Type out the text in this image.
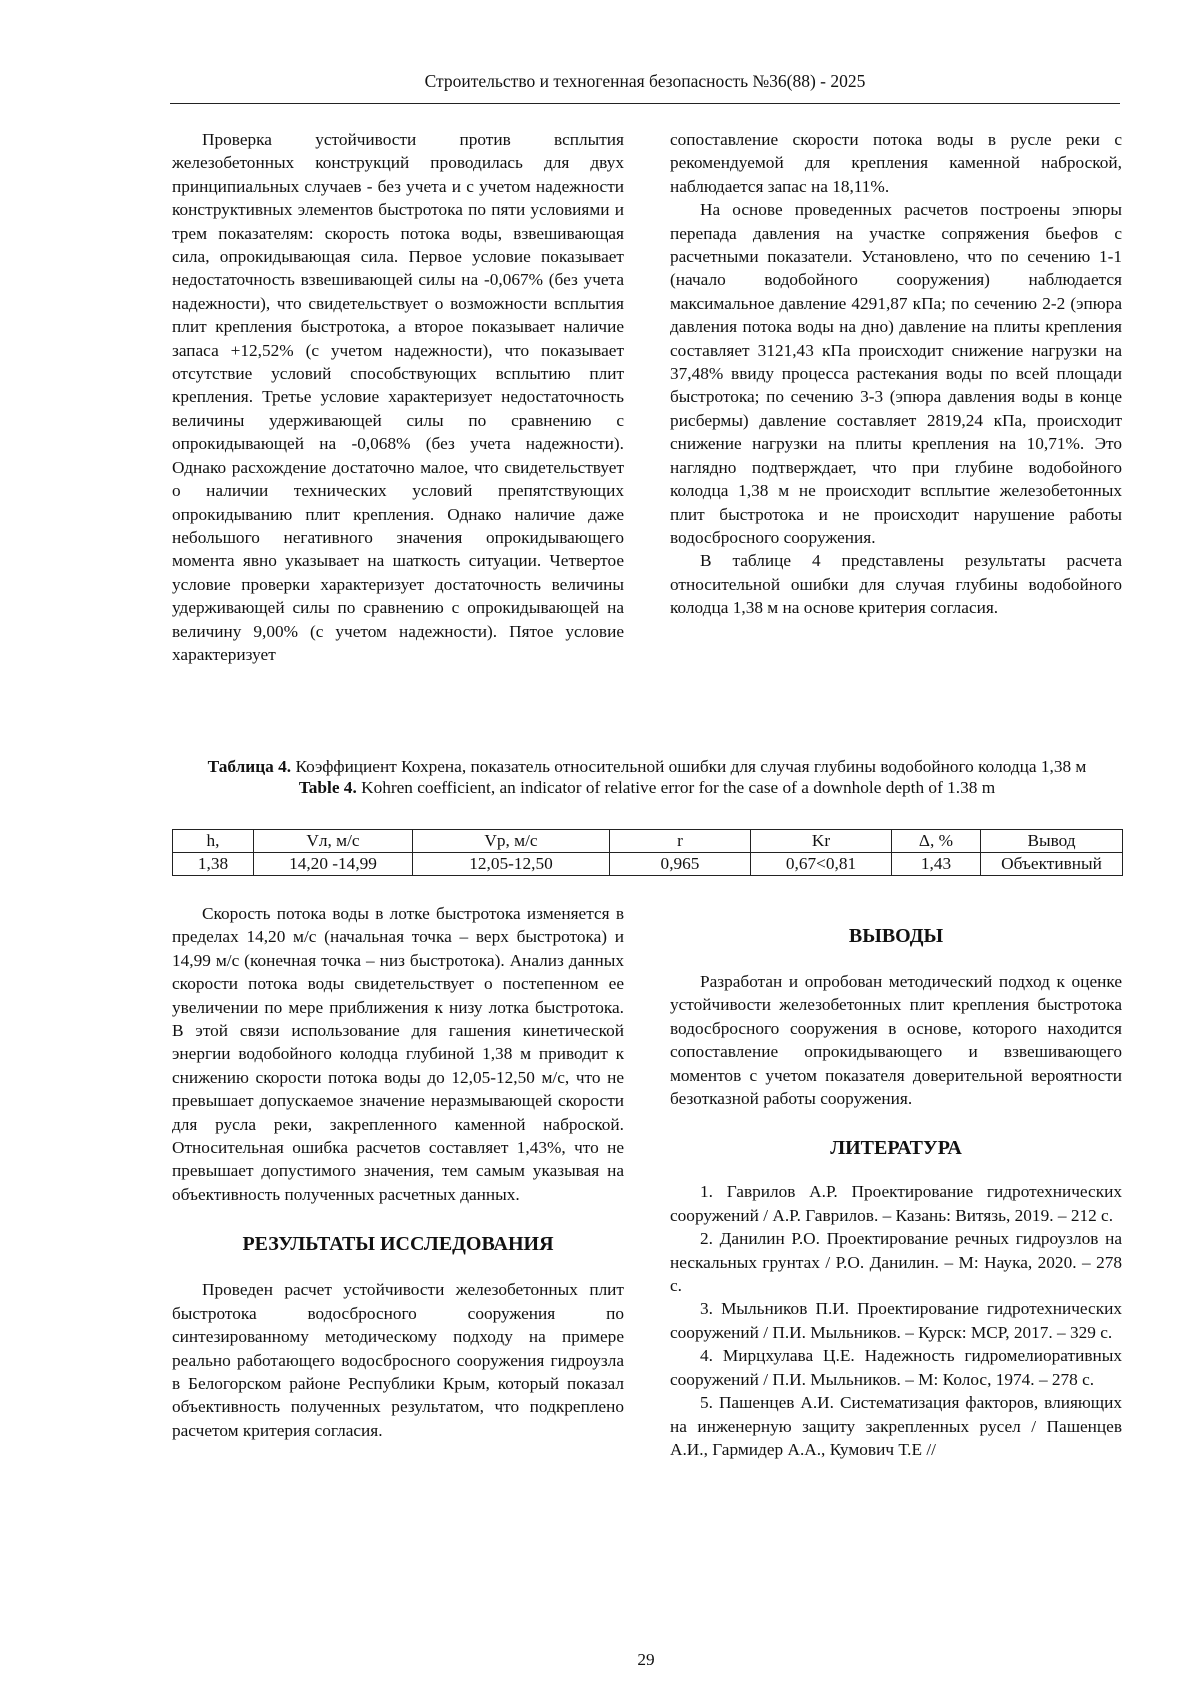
Строительство и техногенная безопасность №36(88) - 2025

Проверка устойчивости против всплытия железобетонных конструкций проводилась для двух принципиальных случаев - без учета и с учетом надежности конструктивных элементов быстротока по пяти условиями и трем показателям: скорость потока воды, взвешивающая сила, опрокидывающая сила. Первое условие показывает недостаточность взвешивающей силы на -0,067% (без учета надежности), что свидетельствует о возможности всплытия плит крепления быстротока, а второе показывает наличие запаса +12,52% (с учетом надежности), что показывает отсутствие условий способствующих всплытию плит крепления. Третье условие характеризует недостаточность величины удерживающей силы по сравнению с опрокидывающей на -0,068% (без учета надежности). Однако расхождение достаточно малое, что свидетельствует о наличии технических условий препятствующих опрокидыванию плит крепления. Однако наличие даже небольшого негативного значения опрокидывающего момента явно указывает на шаткость ситуации. Четвертое условие проверки характеризует достаточность величины удерживающей силы по сравнению с опрокидывающей на величину 9,00% (с учетом надежности). Пятое условие характеризует

сопоставление скорости потока воды в русле реки с рекомендуемой для крепления каменной наброской, наблюдается запас на 18,11%.

На основе проведенных расчетов построены эпюры перепада давления на участке сопряжения бьефов с расчетными показатели. Установлено, что по сечению 1-1 (начало водобойного сооружения) наблюдается максимальное давление 4291,87 кПа; по сечению 2-2 (эпюра давления потока воды на дно) давление на плиты крепления составляет 3121,43 кПа происходит снижение нагрузки на 37,48% ввиду процесса растекания воды по всей площади быстротока; по сечению 3-3 (эпюра давления воды в конце рисбермы) давление составляет 2819,24 кПа, происходит снижение нагрузки на плиты крепления на 10,71%. Это наглядно подтверждает, что при глубине водобойного колодца 1,38 м не происходит всплытие железобетонных плит быстротока и не происходит нарушение работы водосбросного сооружения.

В таблице 4 представлены результаты расчета относительной ошибки для случая глубины водобойного колодца 1,38 м на основе критерия согласия.

Таблица 4. Коэффициент Кохрена, показатель относительной ошибки для случая глубины водобойного колодца 1,38 м
Table 4. Kohren coefficient, an indicator of relative error for the case of a downhole depth of 1.38 m
h,	Vл, м/с	Vр, м/с	r	Kr	Δ, %	Вывод
1,38	14,20 -14,99	12,05-12,50	0,965	0,67<0,81	1,43	Объективный

Скорость потока воды в лотке быстротока изменяется в пределах 14,20 м/с (начальная точка – верх быстротока) и 14,99 м/с (конечная точка – низ быстротока). Анализ данных скорости потока воды свидетельствует о постепенном ее увеличении по мере приближения к низу лотка быстротока. В этой связи использование для гашения кинетической энергии водобойного колодца глубиной 1,38 м приводит к снижению скорости потока воды до 12,05-12,50 м/с, что не превышает допускаемое значение неразмывающей скорости для русла реки, закрепленного каменной наброской. Относительная ошибка расчетов составляет 1,43%, что не превышает допустимого значения, тем самым указывая на объективность полученных расчетных данных.

РЕЗУЛЬТАТЫ ИССЛЕДОВАНИЯ

Проведен расчет устойчивости железобетонных плит быстротока водосбросного сооружения по синтезированному методическому подходу на примере реально работающего водосбросного сооружения гидроузла в Белогорском районе Республики Крым, который показал объективность полученных результатом, что подкреплено расчетом критерия согласия.

ВЫВОДЫ

Разработан и опробован методический подход к оценке устойчивости железобетонных плит крепления быстротока водосбросного сооружения в основе, которого находится сопоставление опрокидывающего и взвешивающего моментов с учетом показателя доверительной вероятности безотказной работы сооружения.

ЛИТЕРАТУРА

1. Гаврилов А.Р. Проектирование гидротехнических сооружений / А.Р. Гаврилов. – Казань: Витязь, 2019. – 212 с.

2. Данилин Р.О. Проектирование речных гидроузлов на нескальных грунтах / Р.О. Данилин. – М: Наука, 2020. – 278 с.

3. Мыльников П.И. Проектирование гидротехнических сооружений / П.И. Мыльников. – Курск: МСР, 2017. – 329 с.

4. Мирцхулава Ц.Е. Надежность гидромелиоративных сооружений / П.И. Мыльников. – М: Колос, 1974. – 278 с.

5. Пашенцев А.И. Систематизация факторов, влияющих на инженерную защиту закрепленных русел / Пашенцев А.И., Гармидер А.А., Кумович Т.Е //

29
